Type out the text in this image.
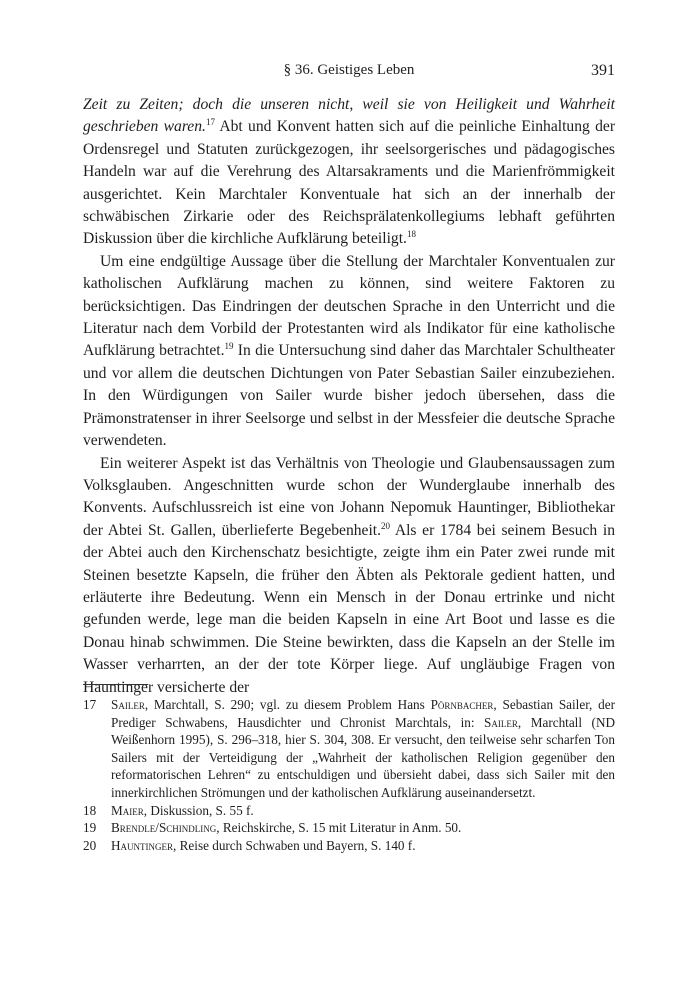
§ 36. Geistiges Leben	391

Zeit zu Zeiten; doch die unseren nicht, weil sie von Heiligkeit und Wahrheit geschrieben waren.$^{17}$ Abt und Konvent hatten sich auf die peinliche Einhaltung der Ordensregel und Statuten zurückgezogen, ihr seelsorgerisches und pädagogisches Handeln war auf die Verehrung des Altarsakraments und die Marienfrömmigkeit ausgerichtet. Kein Marchtaler Konventuale hat sich an der innerhalb der schwäbischen Zirkarie oder des Reichsprälatenkollegiums lebhaft geführten Diskussion über die kirchliche Aufklärung beteiligt.$^{18}$

Um eine endgültige Aussage über die Stellung der Marchtaler Konventualen zur katholischen Aufklärung machen zu können, sind weitere Faktoren zu berücksichtigen. Das Eindringen der deutschen Sprache in den Unterricht und die Literatur nach dem Vorbild der Protestanten wird als Indikator für eine katholische Aufklärung betrachtet.$^{19}$ In die Untersuchung sind daher das Marchtaler Schultheater und vor allem die deutschen Dichtungen von Pater Sebastian Sailer einzubeziehen. In den Würdigungen von Sailer wurde bisher jedoch übersehen, dass die Prämonstratenser in ihrer Seelsorge und selbst in der Messfeier die deutsche Sprache verwendeten.

Ein weiterer Aspekt ist das Verhältnis von Theologie und Glaubensaussagen zum Volksglauben. Angeschnitten wurde schon der Wunderglaube innerhalb des Konvents. Aufschlussreich ist eine von Johann Nepomuk Hauntinger, Bibliothekar der Abtei St. Gallen, überlieferte Begebenheit.$^{20}$ Als er 1784 bei seinem Besuch in der Abtei auch den Kirchenschatz besichtigte, zeigte ihm ein Pater zwei runde mit Steinen besetzte Kapseln, die früher den Äbten als Pektorale gedient hatten, und erläuterte ihre Bedeutung. Wenn ein Mensch in der Donau ertrinke und nicht gefunden werde, lege man die beiden Kapseln in eine Art Boot und lasse es die Donau hinab schwimmen. Die Steine bewirkten, dass die Kapseln an der Stelle im Wasser verharrten, an der der tote Körper liege. Auf ungläubige Fragen von Hauntinger versicherte der

17	Sailer, Marchtall, S. 290; vgl. zu diesem Problem Hans Pörnbacher, Sebastian Sailer, der Prediger Schwabens, Hausdichter und Chronist Marchtals, in: Sailer, Marchtall (ND Weißenhorn 1995), S. 296–318, hier S. 304, 308. Er versucht, den teilweise sehr scharfen Ton Sailers mit der Verteidigung der „Wahrheit der katholischen Religion gegenüber den reformatorischen Lehren“ zu entschuldigen und übersieht dabei, dass sich Sailer mit den innerkirchlichen Strömungen und der katholischen Aufklärung auseinandersetzt.
18	Maier, Diskussion, S. 55 f.
19	Brendle/Schindling, Reichskirche, S. 15 mit Literatur in Anm. 50.
20	Hauntinger, Reise durch Schwaben und Bayern, S. 140 f.
